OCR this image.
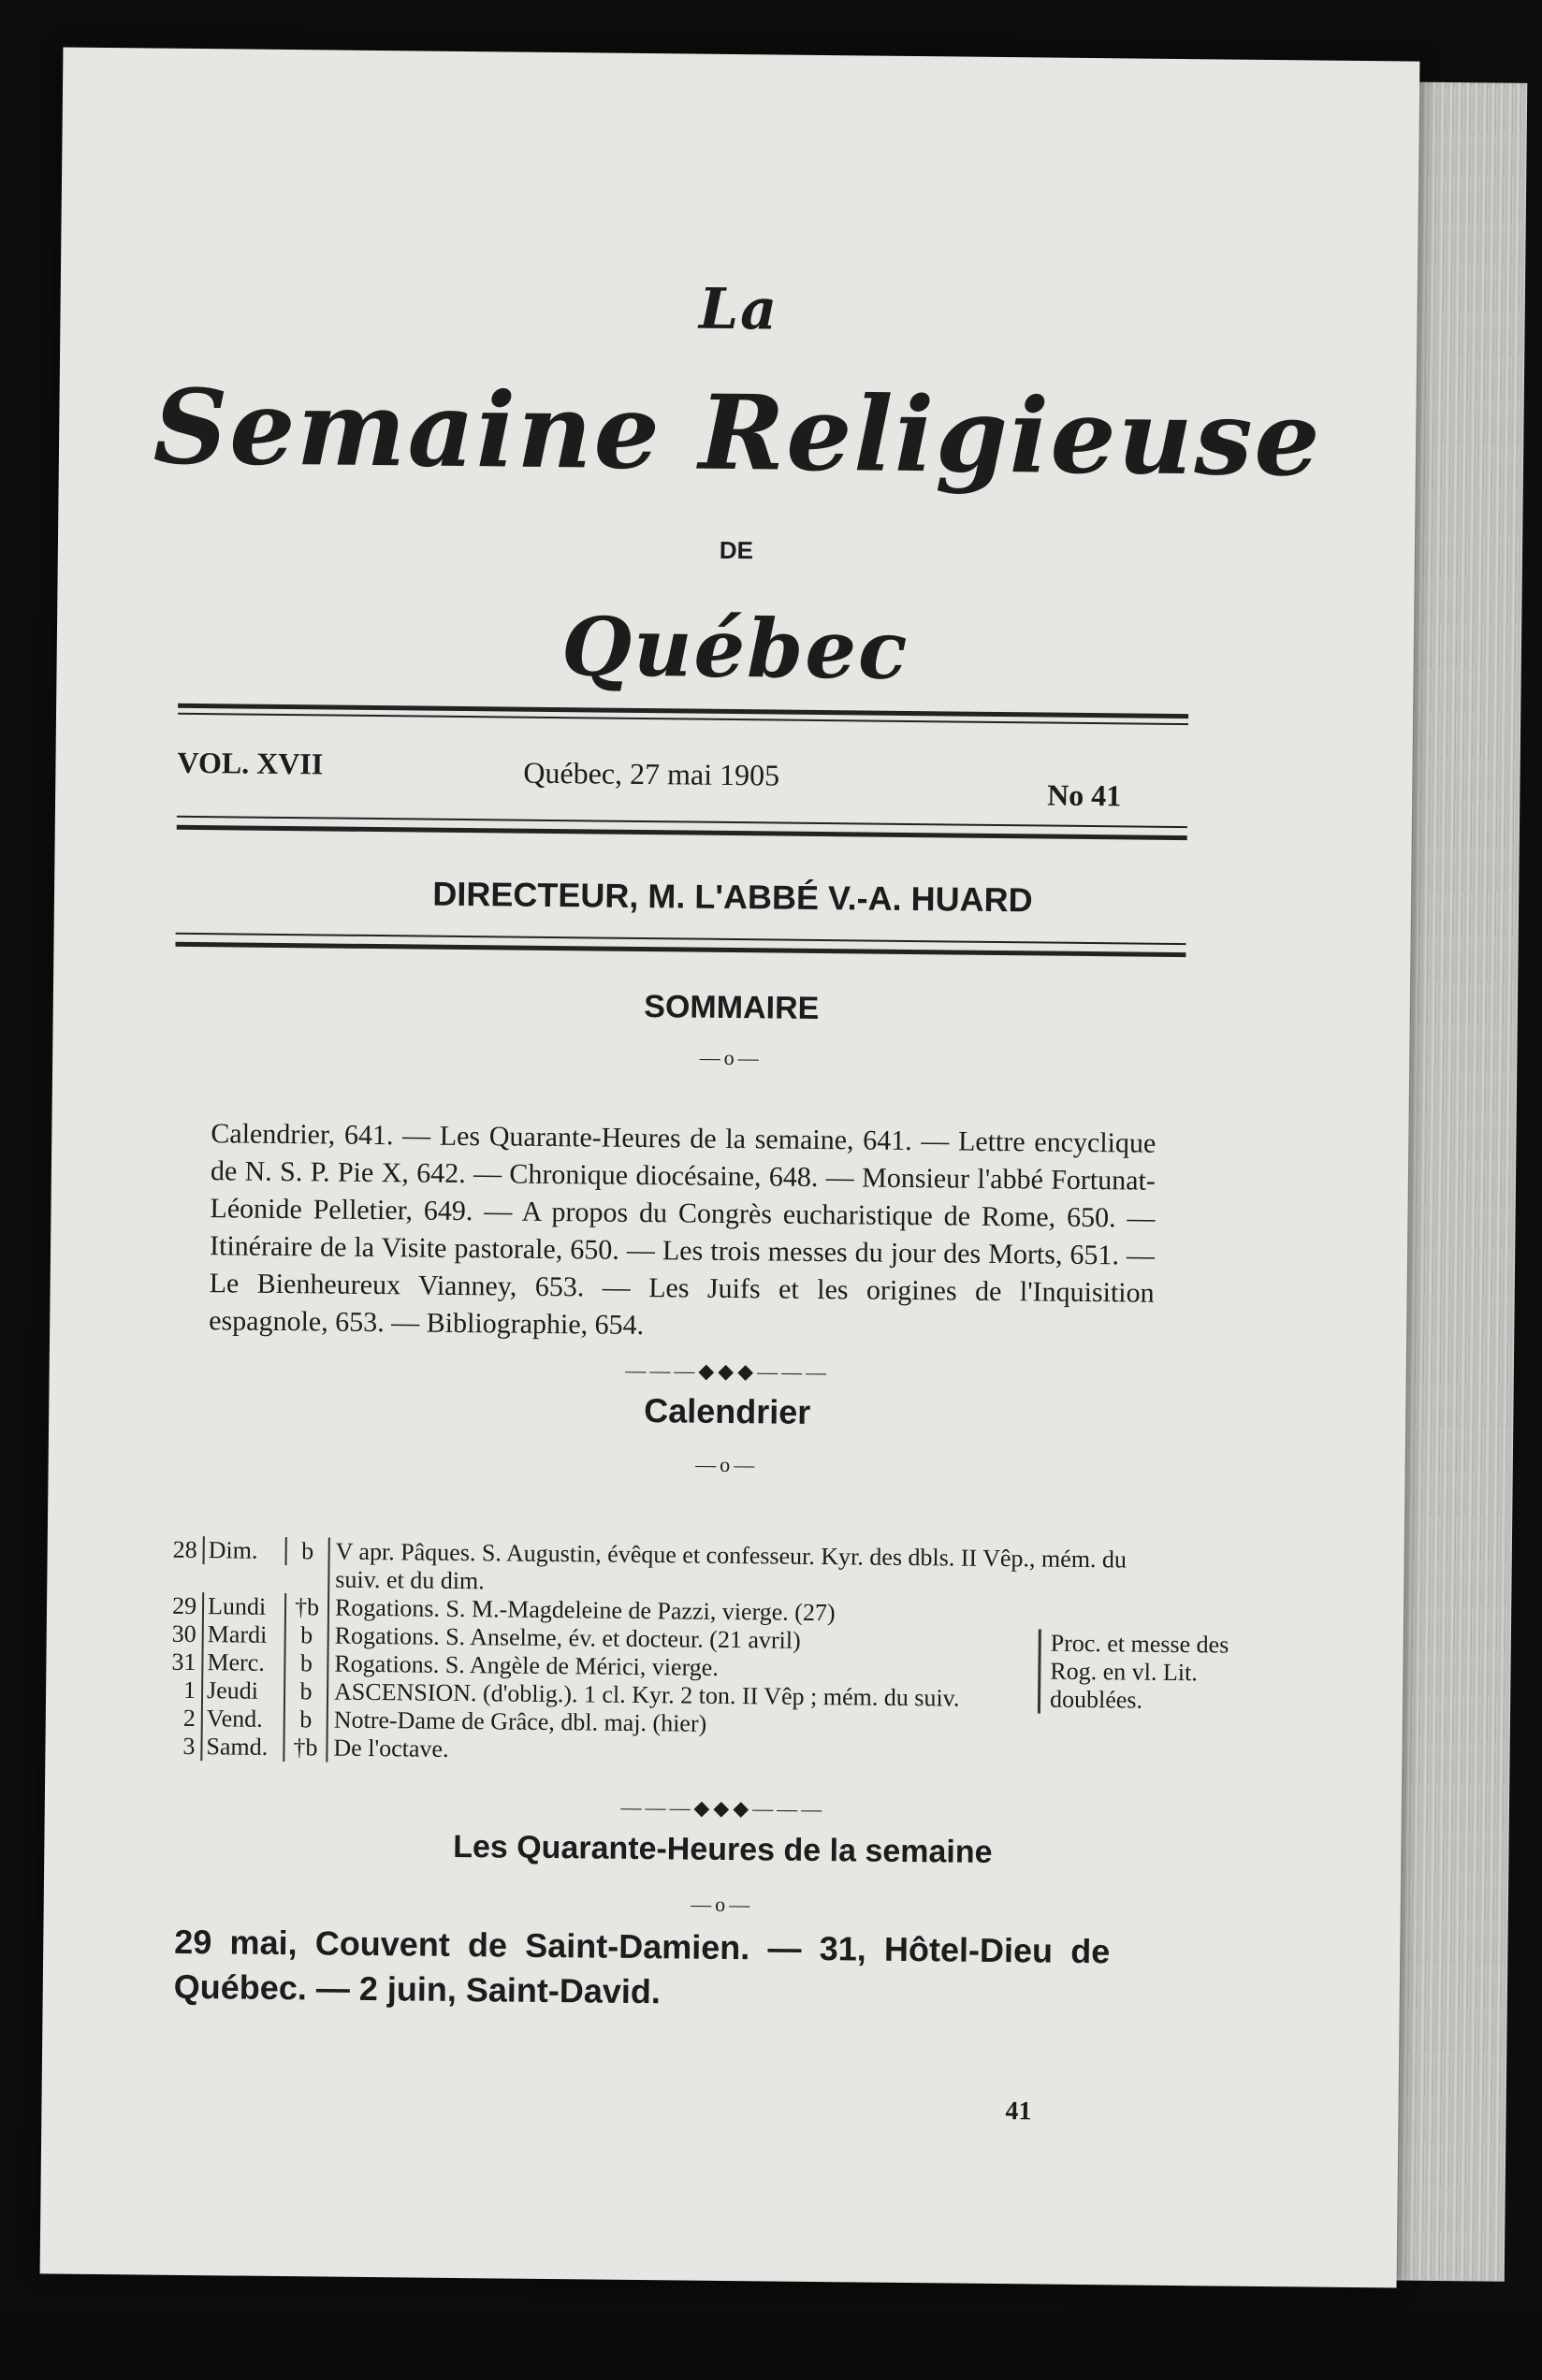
La
Semaine Religieuse
DE
Québec
VOL. XVII	Québec, 27 mai 1905
No 41
DIRECTEUR, M. L'ABBÉ V.-A. HUARD
SOMMAIRE
—o—
Calendrier, 641. — Les Quarante-Heures de la semaine, 641. — Lettre encyclique de N. S. P. Pie X, 642. — Chronique diocésaine, 648. — Monsieur l'abbé Fortunat-Léonide Pelletier, 649. — A propos du Congrès eucharistique de Rome, 650. — Itinéraire de la Visite pastorale, 650. — Les trois messes du jour des Morts, 651. — Le Bienheureux Vianney, 653. — Les Juifs et les origines de l'Inquisition espagnole, 653. — Bibliographie, 654.
———◆◆◆———
Calendrier
—o—
28 Dim.	b V apr. Pâques. S. Augustin, évêque et confesseur. Kyr. des dbls. II Vêp., mém. du suiv. et du dim.
29 Lundi	†b Rogations. S. M.-Magdeleine de Pazzi, vierge. (27)
30 Mardi	b Rogations. S. Anselme, év. et docteur. (21 avril)
31 Merc.	b Rogations. S. Angèle de Mérici, vierge.
1 Jeudi	b ASCENSION. (d'oblig.). 1 cl. Kyr. 2 ton. II Vêp ; mém. du suiv.
2 Vend.	b Notre-Dame de Grâce, dbl. maj. (hier)
3 Samd.	†b De l'octave.
Proc. et messe des Rog. en vl. Lit. doublées.
———◆◆◆———
Les Quarante-Heures de la semaine
—o—
29 mai, Couvent de Saint-Damien. — 31, Hôtel-Dieu de Québec. — 2 juin, Saint-David.
41
